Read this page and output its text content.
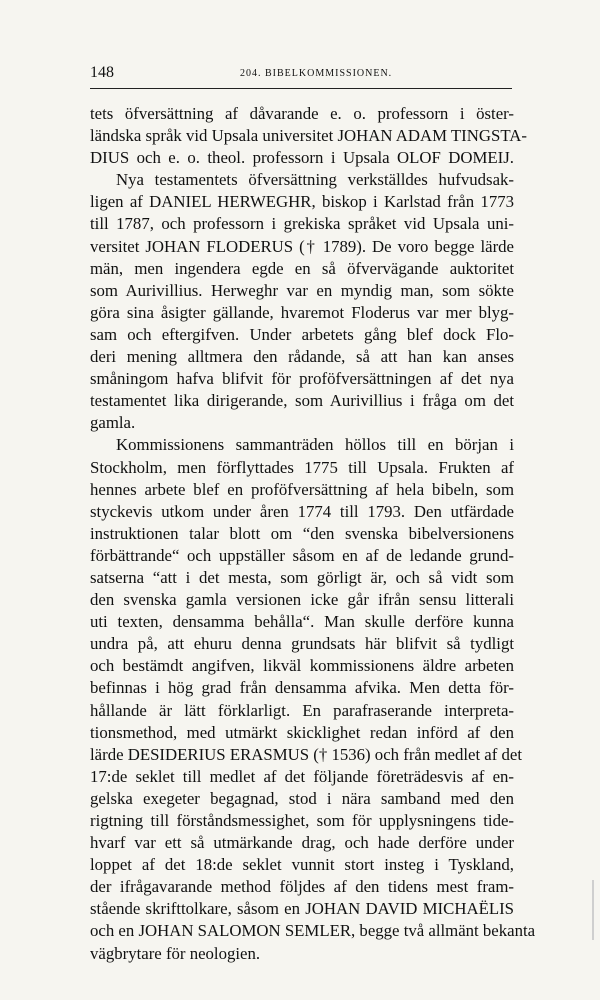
148	204. BIBELKOMMISSIONEN.
tets öfversättning af dåvarande e. o. professorn i öster-
ländska språk vid Upsala universitet JOHAN ADAM TINGSTA-
DIUS och e. o. theol. professorn i Upsala OLOF DOMEIJ.
Nya testamentets öfversättning verkställdes hufvudsak-
ligen af DANIEL HERWEGHR, biskop i Karlstad från 1773
till 1787, och professorn i grekiska språket vid Upsala uni-
versitet JOHAN FLODERUS († 1789). De voro begge lärde
män, men ingendera egde en så öfvervägande auktoritet
som Aurivillius. Herweghr var en myndig man, som sökte
göra sina åsigter gällande, hvaremot Floderus var mer blyg-
sam och eftergifven. Under arbetets gång blef dock Flo-
deri mening alltmera den rådande, så att han kan anses
småningom hafva blifvit för proföfversättningen af det nya
testamentet lika dirigerande, som Aurivillius i fråga om det
gamla.
Kommissionens sammanträden höllos till en början i
Stockholm, men förflyttades 1775 till Upsala. Frukten af
hennes arbete blef en proföfversättning af hela bibeln, som
styckevis utkom under åren 1774 till 1793. Den utfärdade
instruktionen talar blott om “den svenska bibelversionens
förbättrande“ och uppställer såsom en af de ledande grund-
satserna “att i det mesta, som görligt är, och så vidt som
den svenska gamla versionen icke går ifrån sensu litterali
uti texten, densamma behålla“. Man skulle derföre kunna
undra på, att ehuru denna grundsats här blifvit så tydligt
och bestämdt angifven, likväl kommissionens äldre arbeten
befinnas i hög grad från densamma afvika. Men detta för-
hållande är lätt förklarligt. En parafraserande interpreta-
tionsmethod, med utmärkt skicklighet redan införd af den
lärde DESIDERIUS ERASMUS († 1536) och från medlet af det
17:de seklet till medlet af det följande företrädesvis af en-
gelska exegeter begagnad, stod i nära samband med den
rigtning till förståndsmessighet, som för upplysningens tide-
hvarf var ett så utmärkande drag, och hade derföre under
loppet af det 18:de seklet vunnit stort insteg i Tyskland,
der ifrågavarande method följdes af den tidens mest fram-
stående skrifttolkare, såsom en JOHAN DAVID MICHAËLIS
och en JOHAN SALOMON SEMLER, begge två allmänt bekanta
vägbrytare för neologien.
